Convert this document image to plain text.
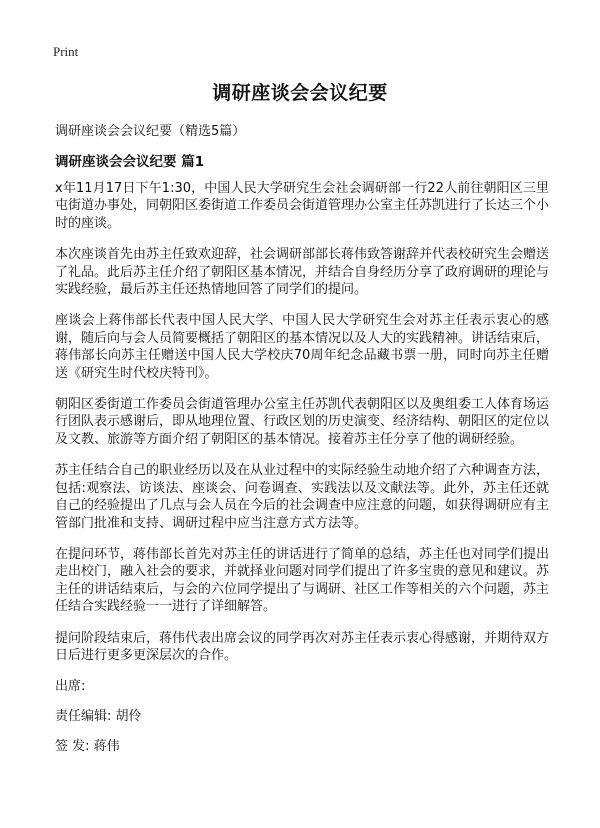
Print
调研座谈会会议纪要
调研座谈会会议纪要（精选5篇）
调研座谈会会议纪要 篇1

x年11月17日下午1:30，中国人民大学研究生会社会调研部一行22人前往朝阳区三里屯街道办事处，同朝阳区委街道工作委员会街道管理办公室主任苏凯进行了长达三个小时的座谈。

本次座谈首先由苏主任致欢迎辞，社会调研部部长蒋伟致答谢辞并代表校研究生会赠送了礼品。此后苏主任介绍了朝阳区基本情况，并结合自身经历分享了政府调研的理论与实践经验，最后苏主任还热情地回答了同学们的提问。

座谈会上蒋伟部长代表中国人民大学、中国人民大学研究生会对苏主任表示衷心的感谢，随后向与会人员简要概括了朝阳区的基本情况以及人大的实践精神。讲话结束后，蒋伟部长向苏主任赠送中国人民大学校庆70周年纪念品藏书票一册，同时向苏主任赠送《研究生时代校庆特刊》。

朝阳区委街道工作委员会街道管理办公室主任苏凯代表朝阳区以及奥组委工人体育场运行团队表示感谢后，即从地理位置、行政区划的历史演变、经济结构、朝阳区的定位以及文教、旅游等方面介绍了朝阳区的基本情况。接着苏主任分享了他的调研经验。

苏主任结合自己的职业经历以及在从业过程中的实际经验生动地介绍了六种调查方法，包括:观察法、访谈法、座谈会、问卷调查、实践法以及文献法等。此外，苏主任还就自己的经验提出了几点与会人员在今后的社会调查中应注意的问题，如获得调研应有主管部门批准和支持、调研过程中应当注意方式方法等。

在提问环节，蒋伟部长首先对苏主任的讲话进行了简单的总结，苏主任也对同学们提出走出校门，融入社会的要求，并就择业问题对同学们提出了许多宝贵的意见和建议。苏主任的讲话结束后，与会的六位同学提出了与调研、社区工作等相关的六个问题，苏主任结合实践经验一一进行了详细解答。

提问阶段结束后，蒋伟代表出席会议的同学再次对苏主任表示衷心得感谢，并期待双方日后进行更多更深层次的合作。

出席:

责任编辑: 胡伶

签 发: 蒋伟
